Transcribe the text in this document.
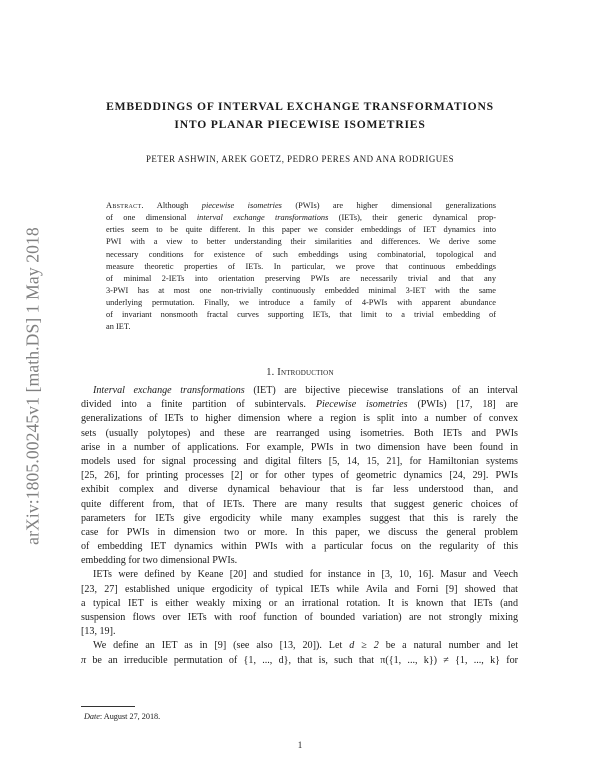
arXiv:1805.00245v1 [math.DS] 1 May 2018
EMBEDDINGS OF INTERVAL EXCHANGE TRANSFORMATIONS
INTO PLANAR PIECEWISE ISOMETRIES
PETER ASHWIN, AREK GOETZ, PEDRO PERES AND ANA RODRIGUES
Abstract. Although piecewise isometries (PWIs) are higher dimensional generalizations
of one dimensional interval exchange transformations (IETs), their generic dynamical prop-
erties seem to be quite different. In this paper we consider embeddings of IET dynamics into
PWI with a view to better understanding their similarities and differences. We derive some
necessary conditions for existence of such embeddings using combinatorial, topological and
measure theoretic properties of IETs. In particular, we prove that continuous embeddings
of minimal 2-IETs into orientation preserving PWIs are necessarily trivial and that any
3-PWI has at most one non-trivially continuously embedded minimal 3-IET with the same
underlying permutation. Finally, we introduce a family of 4-PWIs with apparent abundance
of invariant nonsmooth fractal curves supporting IETs, that limit to a trivial embedding of
an IET.
1. Introduction
Interval exchange transformations (IET) are bijective piecewise translations of an interval
divided into a finite partition of subintervals. Piecewise isometries (PWIs) [17, 18] are
generalizations of IETs to higher dimension where a region is split into a number of convex
sets (usually polytopes) and these are rearranged using isometries. Both IETs and PWIs
arise in a number of applications. For example, PWIs in two dimension have been found in
models used for signal processing and digital filters [5, 14, 15, 21], for Hamiltonian systems
[25, 26], for printing processes [2] or for other types of geometric dynamics [24, 29]. PWIs
exhibit complex and diverse dynamical behaviour that is far less understood than, and
quite different from, that of IETs. There are many results that suggest generic choices of
parameters for IETs give ergodicity while many examples suggest that this is rarely the
case for PWIs in dimension two or more. In this paper, we discuss the general problem
of embedding IET dynamics within PWIs with a particular focus on the regularity of this
embedding for two dimensional PWIs.
IETs were defined by Keane [20] and studied for instance in [3, 10, 16]. Masur and Veech
[23, 27] established unique ergodicity of typical IETs while Avila and Forni [9] showed that
a typical IET is either weakly mixing or an irrational rotation. It is known that IETs (and
suspension flows over IETs with roof function of bounded variation) are not strongly mixing
[13, 19].
We define an IET as in [9] (see also [13, 20]). Let d ≥ 2 be a natural number and let
π be an irreducible permutation of {1, ..., d}, that is, such that π({1, ..., k}) ≠ {1, ..., k} for
Date: August 27, 2018.
1
